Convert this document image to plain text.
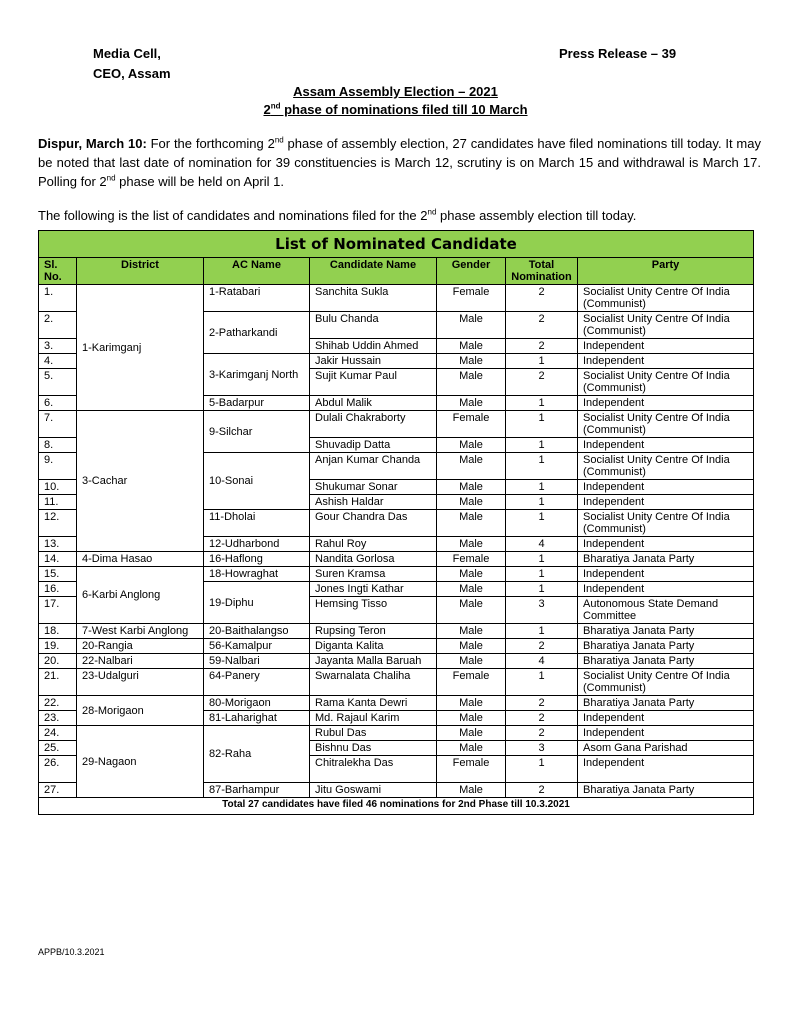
Media Cell,
CEO, Assam
Press Release – 39
Assam Assembly Election – 2021
2nd phase of nominations filed till 10 March
Dispur, March 10: For the forthcoming 2nd phase of assembly election, 27 candidates have filed nominations till today. It may be noted that last date of nomination for 39 constituencies is March 12, scrutiny is on March 15 and withdrawal is March 17. Polling for 2nd phase will be held on April 1.
The following is the list of candidates and nominations filed for the 2nd phase assembly election till today.
List of Nominated Candidate						
Sl. No.	District	AC Name	Candidate Name	Gender	Total Nomination	Party
1.	1-Karimganj	1-Ratabari	Sanchita Sukla	Female	2	Socialist Unity Centre Of India (Communist)
2.		2-Patharkandi	Bulu Chanda	Male	2	Socialist Unity Centre Of India (Communist)
3.			Shihab Uddin Ahmed	Male	2	Independent
4.		3-Karimganj North	Jakir Hussain	Male	1	Independent
5.			Sujit Kumar Paul	Male	2	Socialist Unity Centre Of India (Communist)
6.		5-Badarpur	Abdul Malik	Male	1	Independent
7.	3-Cachar	9-Silchar	Dulali Chakraborty	Female	1	Socialist Unity Centre Of India (Communist)
8.			Shuvadip Datta	Male	1	Independent
9.		10-Sonai	Anjan Kumar Chanda	Male	1	Socialist Unity Centre Of India (Communist)
10.			Shukumar Sonar	Male	1	Independent
11.			Ashish Haldar	Male	1	Independent
12.		11-Dholai	Gour Chandra Das	Male	1	Socialist Unity Centre Of India (Communist)
13.		12-Udharbond	Rahul Roy	Male	4	Independent
14.	4-Dima Hasao	16-Haflong	Nandita Gorlosa	Female	1	Bharatiya Janata Party
15.	6-Karbi Anglong	18-Howraghat	Suren Kramsa	Male	1	Independent
16.		19-Diphu	Jones Ingti Kathar	Male	1	Independent
17.			Hemsing Tisso	Male	3	Autonomous State Demand Committee
18.	7-West Karbi Anglong	20-Baithalangso	Rupsing Teron	Male	1	Bharatiya Janata Party
19.	20-Rangia	56-Kamalpur	Diganta Kalita	Male	2	Bharatiya Janata Party
20.	22-Nalbari	59-Nalbari	Jayanta Malla Baruah	Male	4	Bharatiya Janata Party
21.	23-Udalguri	64-Panery	Swarnalata Chaliha	Female	1	Socialist Unity Centre Of India (Communist)
22.	28-Morigaon	80-Morigaon	Rama Kanta Dewri	Male	2	Bharatiya Janata Party
23.		81-Laharighat	Md. Rajaul Karim	Male	2	Independent
24.	29-Nagaon	82-Raha	Rubul Das	Male	2	Independent
25.			Bishnu Das	Male	3	Asom Gana Parishad
26.			Chitralekha Das	Female	1	Independent
27.		87-Barhampur	Jitu Goswami	Male	2	Bharatiya Janata Party
Total 27 candidates have filed 46 nominations for 2nd Phase till 10.3.2021						
APPB/10.3.2021
